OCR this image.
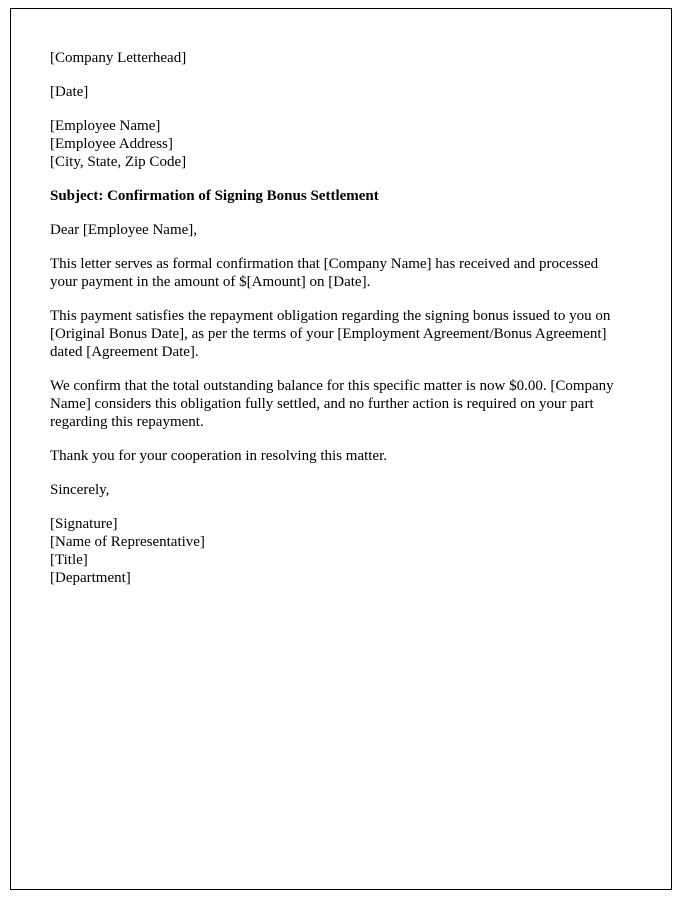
[Company Letterhead]

[Date]

[Employee Name]

[Employee Address]

[City, State, Zip Code]

Subject: Confirmation of Signing Bonus Settlement

Dear [Employee Name],

This letter serves as formal confirmation that [Company Name] has received and processed your payment in the amount of $[Amount] on [Date].

This payment satisfies the repayment obligation regarding the signing bonus issued to you on [Original Bonus Date], as per the terms of your [Employment Agreement/Bonus Agreement] dated [Agreement Date].

We confirm that the total outstanding balance for this specific matter is now $0.00. [Company Name] considers this obligation fully settled, and no further action is required on your part regarding this repayment.

Thank you for your cooperation in resolving this matter.

Sincerely,

[Signature]

[Name of Representative]

[Title]

[Department]
